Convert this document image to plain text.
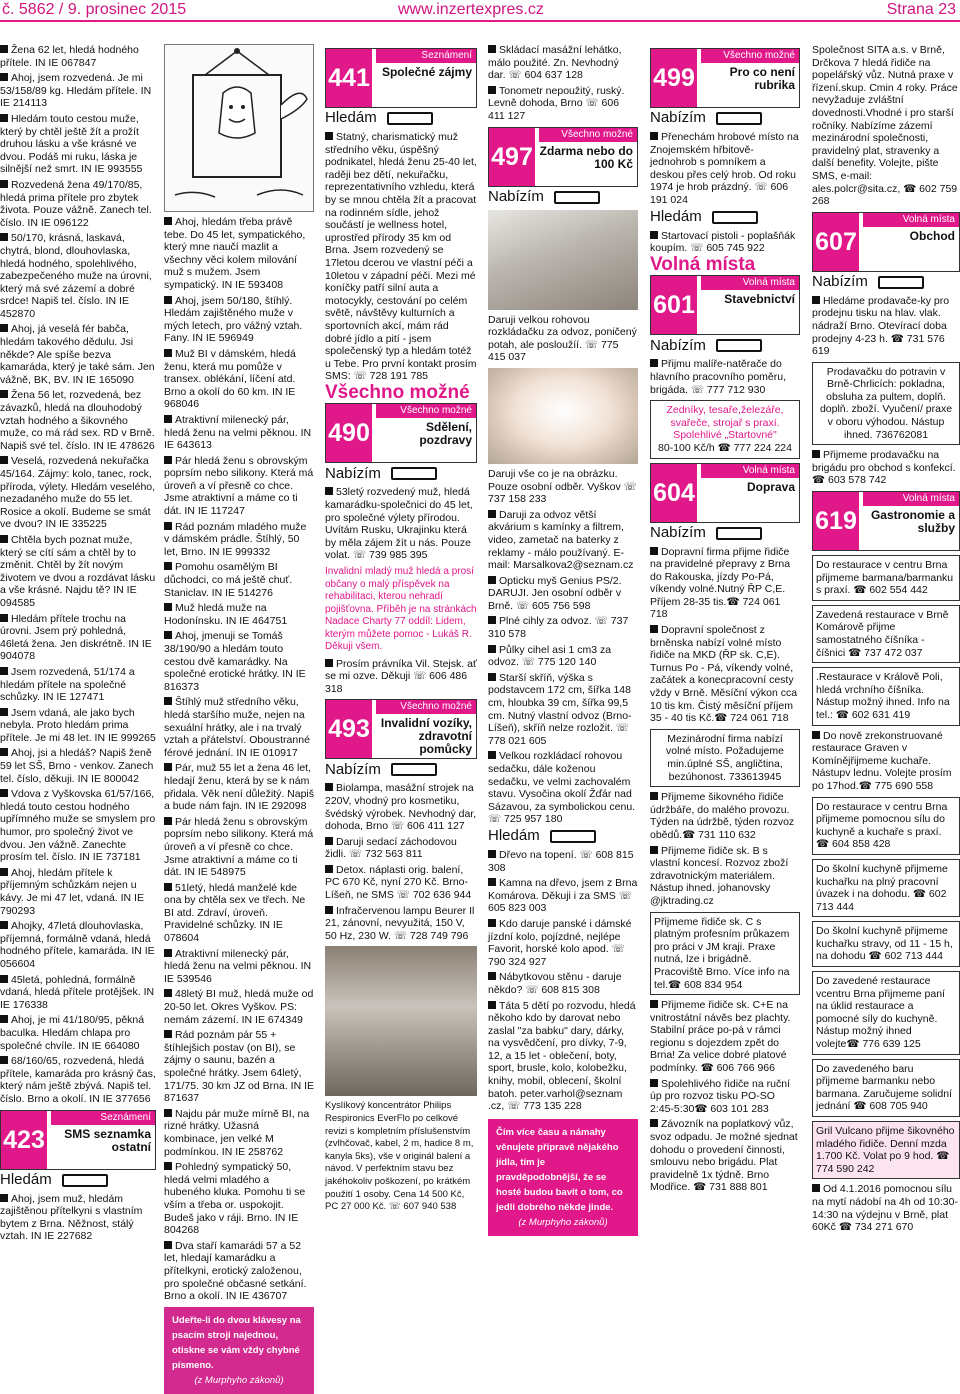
č. 5862 / 9. prosinec 2015	www.inzertexpres.cz	Strana 23

Žena 62 let, hledá hodného přítele. IN IE 067847

Ahoj, jsem rozvedená. Je mi 53/158/89 kg. Hledám přítele. IN IE 214113

Hledám touto cestou muže, který by chtěl ještě žít a prožít druhou lásku a vše krásné ve dvou. Podáš mi ruku, láska je silnější než smrt. IN IE 993555

Rozvedená žena 49/170/85, hledá prima přítele pro zbytek života. Pouze vážně. Zanech tel. číslo. IN IE 096122

50/170, krásná, laskavá, chytrá, blond, dlouhovlaska, hledá hodného, spolehlivého, zabezpečeného muže na úrovni, který má své zázemí a dobré srdce! Napiš tel. číslo. IN IE 452870

Ahoj, já veselá fér babča, hledám takového dědulu. Jsi někde? Ale spíše bezva kamaráda, který je také sám. Jen vážně, BK, BV. IN IE 165090

Žena 56 let, rozvedená, bez závazků, hledá na dlouhodobý vztah hodného a šikovného muže, co má rád sex. RD v Brně. Napiš své tel. číslo. IN IE 478626

Veselá, rozvedená nekuřačka 45/164. Zájmy: kolo, tanec, rock, příroda, výlety. Hledám veselého, nezadaného muže do 55 let. Rosice a okolí. Budeme se smát ve dvou? IN IE 335225

Chtěla bych poznat muže, který se cítí sám a chtěl by to změnit. Chtěl by žít novým životem ve dvou a rozdávat lásku a vše krásné. Najdu tě? IN IE 094585

Hledám přítele trochu na úrovni. Jsem prý pohledná, 46letá žena. Jen diskrétně. IN IE 904078

Jsem rozvedená, 51/174 a hledám přítele na společné schůzky. IN IE 127471

Jsem vdaná, ale jako bych nebyla. Proto hledám prima přítele. Je mi 48 let. IN IE 999265

Ahoj, jsi a hledáš? Napiš ženě 59 let SŠ, Brno - venkov. Zanech tel. číslo, děkuji. IN IE 800042

Vdova z Vyškovska 61/57/166, hledá touto cestou hodného upřímného muže se smyslem pro humor, pro společný život ve dvou. Jen vážně. Zanechte prosím tel. číslo. IN IE 737181

Ahoj, hledám přítele k příjemným schůzkám nejen u kávy. Je mi 47 let, vdaná. IN IE 790293

Ahojky, 47letá dlouhovlaska, příjemná, formálně vdaná, hledá hodného přítele, kamaráda. IN IE 056604

45letá, pohledná, formálně vdaná, hledá přítele protějšek. IN IE 176338

Ahoj, je mi 41/180/95, pěkná baculka. Hledám chlapa pro společné chvíle. IN IE 664080

68/160/65, rozvedená, hledá přítele, kamaráda pro krásný čas, který nám ještě zbývá. Napiš tel. číslo. Brno a okolí. IN IE 377656

423
Seznámení
SMS seznamka ostatní
Hledám

Ahoj, jsem muž, hledám zajištěnou přítelkyni s vlastním bytem z Brna. Něžnost, stálý vztah. IN IE 227682

Ahoj, hledám třeba právě tebe. Do 45 let, sympatického, který mne naučí mazlit a všechny věci kolem milování muž s mužem. Jsem sympatický. IN IE 593408

Ahoj, jsem 50/180, štíhlý. Hledám zajištěného muže v mých letech, pro vážný vztah. Fany. IN IE 596949

Muž BI v dámském, hledá ženu, která mu pomůže v transex. oblékání, líčení atd. Brno a okolí do 60 km. IN IE 968046

Atraktivní milenecký pár, hledá ženu na velmi pěknou. IN IE 643613

Pár hledá ženu s obrovským poprsím nebo silikony. Která má úroveň a ví přesně co chce. Jsme atraktivní a máme co ti dát. IN IE 117247

Rád poznám mladého muže v dámském prádle. Štíhlý, 50 let, Brno. IN IE 999332

Pomohu osamělým BI důchodci, co má ještě chuť. Staniclav. IN IE 514276

Muž hledá muže na Hodonínsku. IN IE 464751

Ahoj, jmenuji se Tomáš 38/190/90 a hledám touto cestou dvě kamarádky. Na společné erotické hrátky. IN IE 816373

Štíhlý muž středního věku, hledá staršího muže, nejen na sexuální hrátky, ale i na trvalý vztah a přátelství. Oboustranné férové jednání. IN IE 010917

Pár, muž 55 let a žena 46 let, hledají ženu, která by se k nám přidala. Věk není důležitý. Napiš a bude nám fajn. IN IE 292098

Pár hledá ženu s obrovským poprsím nebo silikony. Která má úroveň a ví přesně co chce. Jsme atraktivní a máme co ti dát. IN IE 548975

51letý, hledá manželé kde ona by chtěla sex ve třech. Ne BI atd. Zdraví, úroveň. Pravidelné schůzky. IN IE 078604

Atraktivní milenecký pár, hledá ženu na velmi pěknou. IN IE 539546

48letý BI muž, hledá muže od 20-50 let. Okres Vyškov. PS: nemám zázemí. IN IE 674349

Rád poznám pár 55 + štíhlejšich postav (on BI), se zájmy o saunu, bazén a společné hrátky. Jsem 64letý, 171/75. 30 km JZ od Brna. IN IE 871637

Najdu pár muže mírně BI, na rizné hrátky. Užasná kombinace, jen velké M podmínkou. IN IE 258762

Pohledný sympatický 50, hledá velmi mladého a hubeného kluka. Pomohu ti se vším a třeba or. uspokojit. Budeš jako v ráji. Brno. IN IE 804268

Dva staří kamarádi 57 a 52 let, hledají kamarádku a přítelkyni, erotický založenou, pro společné občasné setkání. Brno a okolí. IN IE 436707

Udeřte-li do dvou klávesy na psacím stroji najednou, otiskne se vám vždy chybné písmeno.
(z Murphyho zákonů)
441
Seznámení
Společné zájmy
Hledám

Statný, charismatický muž středního věku, úspěšný podnikatel, hledá ženu 25-40 let, raději bez dětí, nekuřačku, reprezentativního vzhledu, která by se mnou chtěla žít a pracovat na rodinném sídle, jehož součástí je wellness hotel, uprostřed přírody 35 km od Brna. Jsem rozvedený se 17letou dcerou ve vlastní péči a 10letou v západní péči. Mezi mé koníčky patří silní auta a motocykly, cestování po celém světě, návštěvy kulturních a sportovních akcí, mám rád dobré jídlo a pití - jsem společenský typ a hledám totéž u Tebe. Pro první kontakt prosím SMS: ☏ 728 191 785

Všechno možné
490
Všechno možné
Sdělení, pozdravy
Nabízím

53letý rozvedený muž, hledá kamarádku-společnici do 45 let, pro společné výlety přírodou. Uvítám Rusku, Ukrajinku která by měla zájem žít u nás. Pouze volat. ☏ 739 985 395

Invalidní mladý muž hledá a prosí občany o malý příspěvek na rehabilitaci, kterou nehradí pojišťovna. Příběh je na stránkách Nadace Charty 77 oddíl: Lidem, kterým můžete pomoc - Lukáš R. Děkuji všem.

Prosím právníka Vil. Stejsk. ať se mi ozve. Děkuji ☏ 606 486 318

493
Všechno možné
Invalidní vozíky, zdravotní pomůcky
Nabízím

Biolampa, masážní strojek na 220V, vhodný pro kosmetiku, švédský výrobek. Nevhodný dar, dohoda, Brno ☏ 606 411 127

Daruji sedací záchodovou židli. ☏ 732 563 811

Detox. náplasti orig. balení, PC 670 Kč, nyní 270 Kč. Brno-Líšeň, ne SMS ☏ 702 636 944

Infračervenou lampu Beurer Il 21, zánovní, nevyužitá, 150 V, 50 Hz, 230 W. ☏ 728 749 796

Kyslíkový koncentrátor Philips Respironics EverFlo po celkové revizi s kompletním příslušenstvím (zvlhčovač, kabel, 2 m, hadice 8 m, kanyla 5ks), vše v originál balení a návod. V perfektním stavu bez jakéhokoliv poškození, po krátkém použití 1 osoby. Cena 14 500 Kč, PC 27 000 Kč. ☏ 607 940 538

Skládací masážní lehátko, málo použité. Zn. Nevhodný dar. ☏ 604 637 128

Tonometr nepoužitý, ruský. Levně dohoda, Brno ☏ 606 411 127

497
Všechno možné
Zdarma nebo do 100 Kč
Nabízím

Daruji velkou rohovou rozkládačku za odvoz, poničený potah, ale posloužíí. ☏ 775 415 037

Daruji vše co je na obrázku. Pouze osobní odběr. Vyškov ☏ 737 158 233

Daruji za odvoz větší akvárium s kamínky a filtrem, video, zametač na baterky z reklamy - málo používaný. E-mail: Marsalkova2@seznam.cz

Opticku myš Genius PS/2. DARUJI. Jen osobní odběr v Brně. ☏ 605 756 598

Plné cihly za odvoz. ☏ 737 310 578

Půlky cihel asi 1 cm3 za odvoz. ☏ 775 120 140

Starší skříň, výška s podstavcem 172 cm, šířka 148 cm, hloubka 39 cm, šířka 99,5 cm. Nutný vlastní odvoz (Brno-Líšeň), skříň nelze rozložit. ☏ 778 021 605

Velkou rozkládací rohovou sedačku, dále koženou sedačku, ve velmi zachovalém stavu. Vysočina okolí Žďár nad Sázavou, za symbolickou cenu. ☏ 725 957 180

Hledám

Dřevo na topení. ☏ 608 815 308

Kamna na dřevo, jsem z Brna Komárova. Děkuji i za SMS ☏ 605 823 003

Kdo daruje panské i dámské jízdní kolo, pojízdné, nejlépe Favorit, horské kolo apod. ☏ 790 324 927

Nábytkovou stěnu - daruje někdo? ☏ 608 815 308

Táta 5 dětí po rozvodu, hledá někoho kdo by darovat nebo zaslal "za babku" dary, dárky, na vysvědčení, pro dívky, 7-9, 12, a 15 let - oblečení, boty, sport, brusle, kolo, kolobežku, knihy, mobil, oblecení, školní batoh. peter.varhol@seznam .cz, ☏ 773 135 228

Čím více času a námahy věnujete přípravě nějakého jídla, tím je pravděpodobnější, že se hosté budou bavit o tom, co jedli dobrého někde jinde.
(z Murphyho zákonů)
499
Všechno možné
Pro co není rubrika
Nabízím

Přenechám hrobové místo na Znojemském hřbitově-jednohrob s pomníkem a deskou přes celý hrob. Od roku 1974 je hrob prázdný. ☏ 606 191 024

Hledám

Startovací pistoli - poplašňák koupím. ☏ 605 745 922

Volná místa
601
Volná místa
Stavebnictví
Nabízím

Přijmu malíře-natěrače do hlavního pracovního poměru, brigáda. ☏ 777 712 930

Zedníky, tesaře,železáře, svařeče, strojař s praxí.
Spolehlivé „Startovné"
80-100 Kč/h ☎ 777 224 224
604
Volná místa
Doprava
Nabízím

Dopravní firma přijme řidiče na pravidelné přepravy z Brna do Rakouska, jízdy Po-Pá, víkendy volné.Nutný ŘP C,E. Příjem 28-35 tis.☎ 724 061 718

Dopravní společnost z brněnska nabízí volné místo řidiče na MKD (ŘP sk. C,E). Turnus Po - Pá, víkendy volné, začátek a konecpracovní cesty vždy v Brně. Měsíční výkon cca 10 tis km. Čistý měsíční příjem 35 - 40 tis Kč.☎ 724 061 718

Mezinárodní firma nabízí volné místo. Požadujeme min.úplné SŠ, angličtina, bezúhonost. 733613945

Přijmeme šikovného řidiče údržbáře, do malého provozu. Týden na údržbě, týden rozvoz obědů.☎ 731 110 632

Přijmeme řidiče sk. B s vlastní koncesí. Rozvoz zboží zdravotnickým materiálem. Nástup ihned. johanovsky @jktrading.cz

Přijmeme řidiče sk. C s platným profesním průkazem pro práci v JM kraji. Praxe nutná, lze i brigádně. Pracoviště Brno. Více info na tel.☎ 608 834 954

Přijmeme řidiče sk. C+E na vnitrostátní návěs bez plachty. Stabilní práce po-pá v rámci regionu s dojezdem zpět do Brna! Za velice dobré platové podmínky. ☎ 606 766 966

Spolehlivého řidiče na ruční úp pro rozvoz tisku PO-SO 2:45-5:30☎ 603 101 283

Závozník na poplatkový vůz, svoz odpadu. Je možné sjednat dohodu o provedení činnosti, smlouvu nebo brigádu. Plat pravidelně 1x týdně. Brno Modřice. ☎ 731 888 801

Společnost SITA a.s. v Brně, Drčkova 7 hledá řidiče na popelářský vůz. Nutná praxe v řízení.skup. Cmin 4 roky. Práce nevyžaduje zvláštní dovednosti.Vhodné i pro starší ročníky. Nabízíme zázemí mezinárodní společnosti, pravidelný plat, stravenky a další benefity. Volejte, pište SMS, e-mail: ales.polcr@sita.cz, ☎ 602 759 268

607
Volná místa
Obchod
Nabízím

Hledáme prodavače-ky pro prodejnu tisku na hlav. vlak. nádraží Brno. Otevírací doba prodejny 4-23 h. ☎ 731 576 619

Prodavačku do potravin v Brně-Chrlicích: pokladna, obsluha za pultem, doplň. doplň. zboží. Vyučení/ praxe v oboru výhodou. Nástup ihned. 736762081

Přijmeme prodavačku na brigádu pro obchod s konfekcí. ☎ 603 578 742

619
Volná místa
Gastronomie a služby
Do restaurace v centru Brna přijmeme barmana/barmanku s praxí. ☎ 602 554 442
Zavedená restaurace v Brně Komárově přijme samostatného číšníka - číšnici ☎ 737 472 037
.Restaurace v Králově Poli, hledá vrchního číšníka. Nástup možný ihned. Info na tel.: ☎ 602 631 419

Do nově zrekonstruované restaurace Graven v Komínějřijmeme kuchaře. Nástupv lednu. Volejte prosím po 17hod.☎ 775 690 558

Do restaurace v centru Brna přijmeme pomocnou sílu do kuchyně a kuchaře s praxí. ☎ 604 858 428
Do školní kuchyně přijmeme kuchařku na plný pracovní úvazek i na dohodu. ☎ 602 713 444
Do školní kuchyně přijmeme kuchařku stravy, od 11 - 15 h, na dohodu ☎ 602 713 444
Do zavedené restaurace vcentru Brna přijmeme paní na úklid restaurace a pomocné síly do kuchyně. Nástup možný ihned volejte☎ 776 639 125
Do zavedeného baru přijmeme barmanku nebo barmana. Zaručujeme solidní jednání ☎ 608 705 940
Gril Vulcano přijme šikovného mladého řidiče. Denní mzda 1.700 Kč. Volat po 9 hod. ☎ 774 590 242

Od 4.1.2016 pomocnou sílu na mytí nádobí na 4h od 10:30-14:30 na výdejnu v Brně, plat 60Kč ☎ 734 271 670
